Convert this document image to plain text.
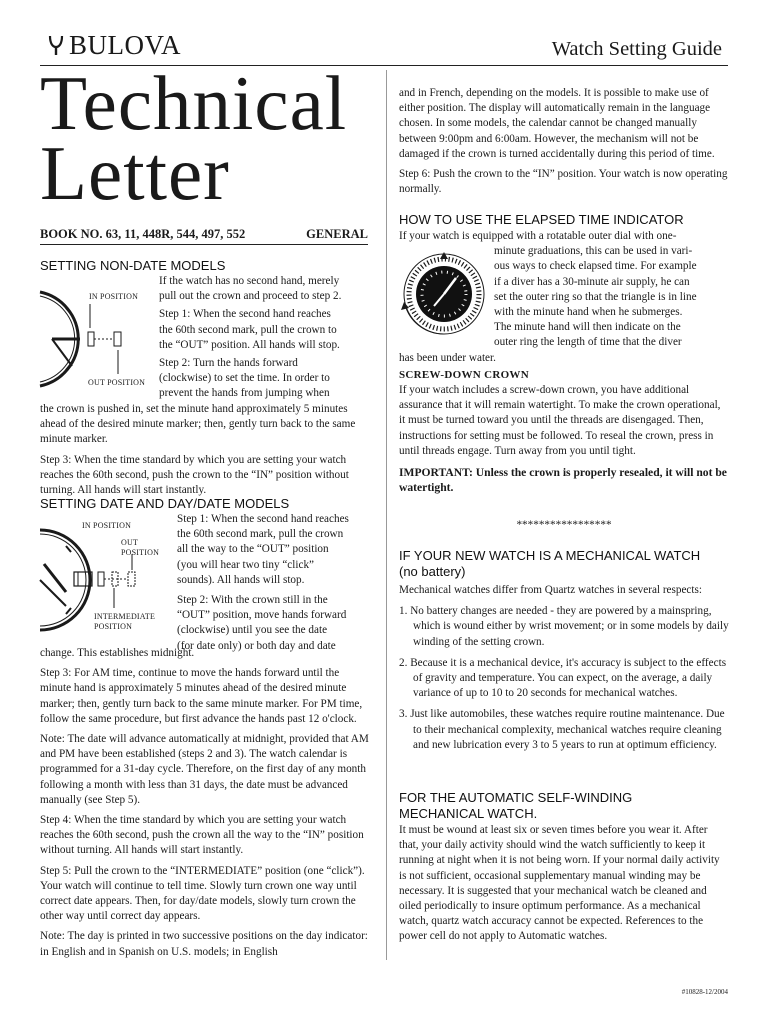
BULOVA	Watch Setting Guide
Technical
Letter
BOOK NO. 63, 11, 448R, 544, 497, 552	GENERAL
SETTING NON-DATE MODELS
IN POSITION
OUT POSITION

If the watch has no second hand, merely

pull out the crown and proceed to step 2.

Step 1: When the second hand reaches

the 60th second mark, pull the crown to

the “OUT” position. All hands will stop.

Step 2: Turn the hands forward

(clockwise) to set the time. In order to

prevent the hands from jumping when

the crown is pushed in, set the minute hand approximately 5 minutes ahead of the desired minute marker; then, gently turn back to the same minute marker.

Step 3: When the time standard by which you are setting your watch reaches the 60th second, push the crown to the “IN” position without turning. All hands will start instantly.

SETTING DATE AND DAY/DATE MODELS
IN POSITION
OUT
POSITION
INTERMEDIATE
POSITION

Step 1: When the second hand reaches

the 60th second mark, pull the crown

all the way to the “OUT” position

(you will hear two tiny “click”

sounds). All hands will stop.

Step 2: With the crown still in the

“OUT” position, move hands forward

(clockwise) until you see the date

(for date only) or both day and date

change. This establishes midnight.

Step 3: For AM time, continue to move the hands forward until the minute hand is approximately 5 minutes ahead of the desired minute marker; then, gently turn back to the same minute marker. For PM time, follow the same procedure, but first advance the hands past 12 o'clock.

Note: The date will advance automatically at midnight, provided that AM and PM have been established (steps 2 and 3). The watch calendar is programmed for a 31-day cycle. Therefore, on the first day of any month following a month with less than 31 days, the date must be advanced manually (see Step 5).

Step 4: When the time standard by which you are setting your watch reaches the 60th second, push the crown all the way to the “IN” position without turning. All hands will start instantly.

Step 5: Pull the crown to the “INTERMEDIATE” position (one “click”). Your watch will continue to tell time. Slowly turn crown one way until correct date appears. Then, for day/date models, slowly turn crown the other way until correct day appears.

Note: The day is printed in two successive positions on the day indicator: in English and in Spanish on U.S. models; in English

and in French, depending on the models. It is possible to make use of either position. The display will automatically remain in the language chosen. In some models, the calendar cannot be changed manually between 9:00pm and 6:00am. However, the mechanism will not be damaged if the crown is turned accidentally during this period of time.

Step 6: Push the crown to the “IN” position. Your watch is now operating normally.

HOW TO USE THE ELAPSED TIME INDICATOR

If your watch is equipped with a rotatable outer dial with one-

minute graduations, this can be used in vari-

ous ways to check elapsed time. For example

if a diver has a 30-minute air supply, he can

set the outer ring so that the triangle is in line

with the minute hand when he submerges.

The minute hand will then indicate on the

outer ring the length of time that the diver

has been under water.

SCREW-DOWN CROWN

If your watch includes a screw-down crown, you have additional assurance that it will remain watertight. To make the crown operational, it must be turned toward you until the threads are disengaged. Then, instructions for setting must be followed. To reseal the crown, press in until threads engage. Turn away from you until tight.

IMPORTANT: Unless the crown is properly resealed, it will not be watertight.

*****************
IF YOUR NEW WATCH IS A MECHANICAL WATCH
(no battery)

Mechanical watches differ from Quartz watches in several respects:

1. No battery changes are needed - they are powered by a mainspring, which is wound either by wrist movement; or in some models by daily winding of the setting crown.

2. Because it is a mechanical device, it's accuracy is subject to the effects of gravity and temperature. You can expect, on the average, a daily variance of up to 10 to 20 seconds for mechanical watches.

3. Just like automobiles, these watches require routine maintenance. Due to their mechanical complexity, mechanical watches require cleaning and new lubrication every 3 to 5 years to run at optimum efficiency.

FOR THE AUTOMATIC SELF-WINDING
MECHANICAL WATCH.
It must be wound at least six or seven times before you wear it. After that, your daily activity should wind the watch sufficiently to keep it running at night when it is not being worn. If your normal daily activity is not sufficient, occasional supplementary manual winding may be necessary. It is suggested that your mechanical watch be cleaned and oiled periodically to insure optimum performance. As a mechanical watch, quartz watch accuracy cannot be expected. References to the power cell do not apply to Automatic watches.
#10828-12/2004
